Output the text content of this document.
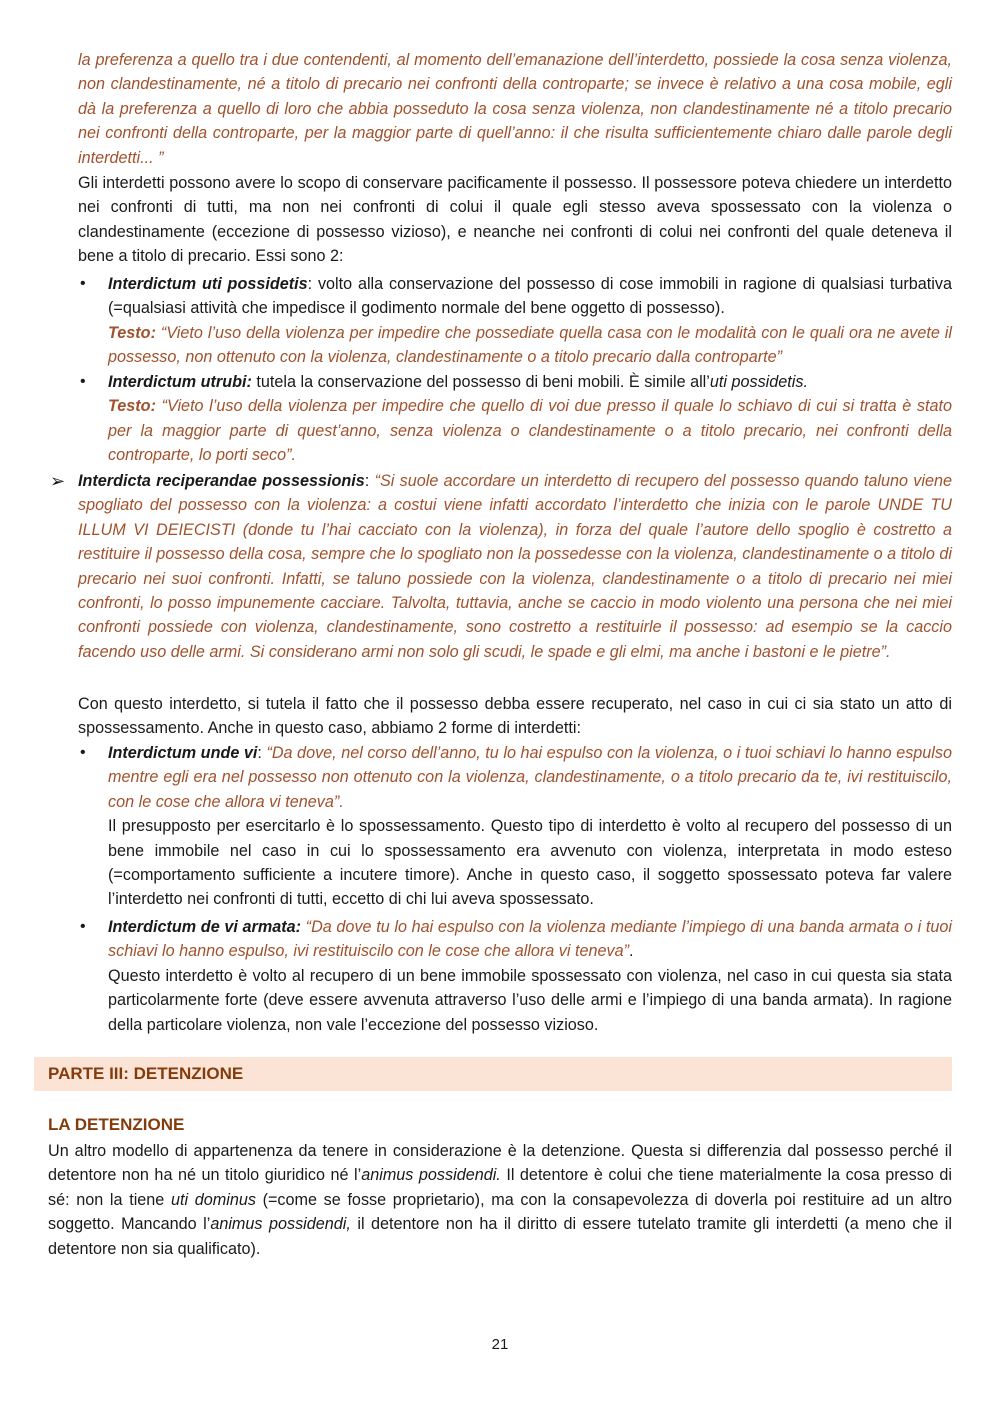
la preferenza a quello tra i due contendenti, al momento dell’emanazione dell’interdetto, possiede la cosa senza violenza, non clandestinamente, né a titolo di precario nei confronti della controparte; se invece è relativo a una cosa mobile, egli dà la preferenza a quello di loro che abbia posseduto la cosa senza violenza, non clandestinamente né a titolo precario nei confronti della controparte, per la maggior parte di quell’anno: il che risulta sufficientemente chiaro dalle parole degli interdetti... ”
Gli interdetti possono avere lo scopo di conservare pacificamente il possesso. Il possessore poteva chiedere un interdetto nei confronti di tutti, ma non nei confronti di colui il quale egli stesso aveva spossessato con la violenza o clandestinamente (eccezione di possesso vizioso), e neanche nei confronti di colui nei confronti del quale deteneva il bene a titolo di precario. Essi sono 2:
• Interdictum uti possidetis: volto alla conservazione del possesso di cose immobili in ragione di qualsiasi turbativa (=qualsiasi attività che impedisce il godimento normale del bene oggetto di possesso).
Testo: “Vieto l’uso della violenza per impedire che possediate quella casa con le modalità con le quali ora ne avete il possesso, non ottenuto con la violenza, clandestinamente o a titolo precario dalla controparte”
• Interdictum utrubi: tutela la conservazione del possesso di beni mobili. È simile all’uti possidetis.
Testo: “Vieto l’uso della violenza per impedire che quello di voi due presso il quale lo schiavo di cui si tratta è stato per la maggior parte di quest’anno, senza violenza o clandestinamente o a titolo precario, nei confronti della controparte, lo porti seco”.
➢ Interdicta reciperandae possessionis: “Si suole accordare un interdetto di recupero del possesso quando taluno viene spogliato del possesso con la violenza: a costui viene infatti accordato l’interdetto che inizia con le parole UNDE TU ILLUM VI DEIECISTI (donde tu l’hai cacciato con la violenza), in forza del quale l’autore dello spoglio è costretto a restituire il possesso della cosa, sempre che lo spogliato non la possedesse con la violenza, clandestinamente o a titolo di precario nei suoi confronti. Infatti, se taluno possiede con la violenza, clandestinamente o a titolo di precario nei miei confronti, lo posso impunemente cacciare. Talvolta, tuttavia, anche se caccio in modo violento una persona che nei miei confronti possiede con violenza, clandestinamente, sono costretto a restituirle il possesso: ad esempio se la caccio facendo uso delle armi. Si considerano armi non solo gli scudi, le spade e gli elmi, ma anche i bastoni e le pietre”.
Con questo interdetto, si tutela il fatto che il possesso debba essere recuperato, nel caso in cui ci sia stato un atto di spossessamento. Anche in questo caso, abbiamo 2 forme di interdetti:
• Interdictum unde vi: “Da dove, nel corso dell’anno, tu lo hai espulso con la violenza, o i tuoi schiavi lo hanno espulso mentre egli era nel possesso non ottenuto con la violenza, clandestinamente, o a titolo precario da te, ivi restituiscilo, con le cose che allora vi teneva”.
Il presupposto per esercitarlo è lo spossessamento. Questo tipo di interdetto è volto al recupero del possesso di un bene immobile nel caso in cui lo spossessamento era avvenuto con violenza, interpretata in modo esteso (=comportamento sufficiente a incutere timore). Anche in questo caso, il soggetto spossessato poteva far valere l’interdetto nei confronti di tutti, eccetto di chi lui aveva spossessato.
• Interdictum de vi armata: “Da dove tu lo hai espulso con la violenza mediante l’impiego di una banda armata o i tuoi schiavi lo hanno espulso, ivi restituiscilo con le cose che allora vi teneva”.
Questo interdetto è volto al recupero di un bene immobile spossessato con violenza, nel caso in cui questa sia stata particolarmente forte (deve essere avvenuta attraverso l’uso delle armi e l’impiego di una banda armata). In ragione della particolare violenza, non vale l’eccezione del possesso vizioso.
PARTE III: DETENZIONE
LA DETENZIONE
Un altro modello di appartenenza da tenere in considerazione è la detenzione. Questa si differenzia dal possesso perché il detentore non ha né un titolo giuridico né l’animus possidendi. Il detentore è colui che tiene materialmente la cosa presso di sé: non la tiene uti dominus (=come se fosse proprietario), ma con la consapevolezza di doverla poi restituire ad un altro soggetto. Mancando l’animus possidendi, il detentore non ha il diritto di essere tutelato tramite gli interdetti (a meno che il detentore non sia qualificato).
21
